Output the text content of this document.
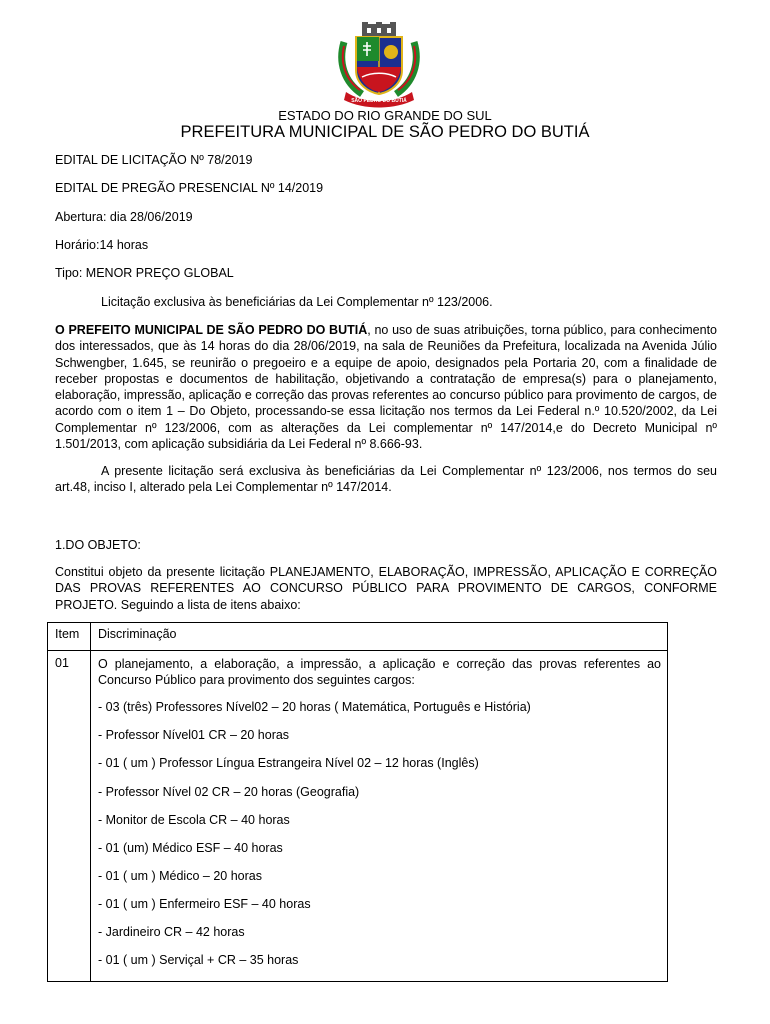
SÃO PEDRO DO BUTIÁ
ESTADO DO RIO GRANDE DO SUL
PREFEITURA MUNICIPAL DE SÃO PEDRO DO BUTIÁ
EDITAL DE LICITAÇÃO Nº 78/2019
EDITAL DE PREGÃO PRESENCIAL Nº 14/2019
Abertura: dia 28/06/2019
Horário:14 horas
Tipo: MENOR PREÇO GLOBAL
Licitação exclusiva às beneficiárias da Lei Complementar nº 123/2006.

O PREFEITO MUNICIPAL DE SÃO PEDRO DO BUTIÁ, no uso de suas atribuições, torna público, para conhecimento dos interessados, que às 14 horas do dia 28/06/2019, na sala de Reuniões da Prefeitura, localizada na Avenida Júlio Schwengber, 1.645, se reunirão o pregoeiro e a equipe de apoio, designados pela Portaria 20, com a finalidade de receber propostas e documentos de habilitação, objetivando a contratação de empresa(s) para o planejamento, elaboração, impressão, aplicação e correção das provas referentes ao concurso público para provimento de cargos, de acordo com o item 1 – Do Objeto, processando-se essa licitação nos termos da Lei Federal n.º 10.520/2002, da Lei Complementar nº 123/2006, com as alterações da Lei complementar nº 147/2014,e do Decreto Municipal nº 1.501/2013, com aplicação subsidiária da Lei Federal nº 8.666-93.

A presente licitação será exclusiva às beneficiárias da Lei Complementar nº 123/2006, nos termos do seu art.48, inciso I, alterado pela Lei Complementar nº 147/2014.

1.DO OBJETO:

Constitui objeto da presente licitação PLANEJAMENTO, ELABORAÇÃO, IMPRESSÃO, APLICAÇÃO E CORREÇÃO DAS PROVAS REFERENTES AO CONCURSO PÚBLICO PARA PROVIMENTO DE CARGOS, CONFORME PROJETO. Seguindo a lista de itens abaixo:

Item Discriminação
01 O planejamento, a elaboração, a impressão, a aplicação e correção das provas referentes ao Concurso Público para provimento dos seguintes cargos:

- 03 (três) Professores Nível02 – 20 horas ( Matemática, Português e História)
- Professor Nível01 CR – 20 horas
- 01 ( um ) Professor Língua Estrangeira Nível 02 – 12 horas (Inglês)
- Professor Nível 02 CR – 20 horas (Geografia)
- Monitor de Escola CR – 40 horas
- 01 (um) Médico ESF – 40 horas
- 01 ( um ) Médico – 20 horas
- 01 ( um ) Enfermeiro ESF – 40 horas
- Jardineiro CR – 42 horas
- 01 ( um ) Serviçal + CR – 35 horas
